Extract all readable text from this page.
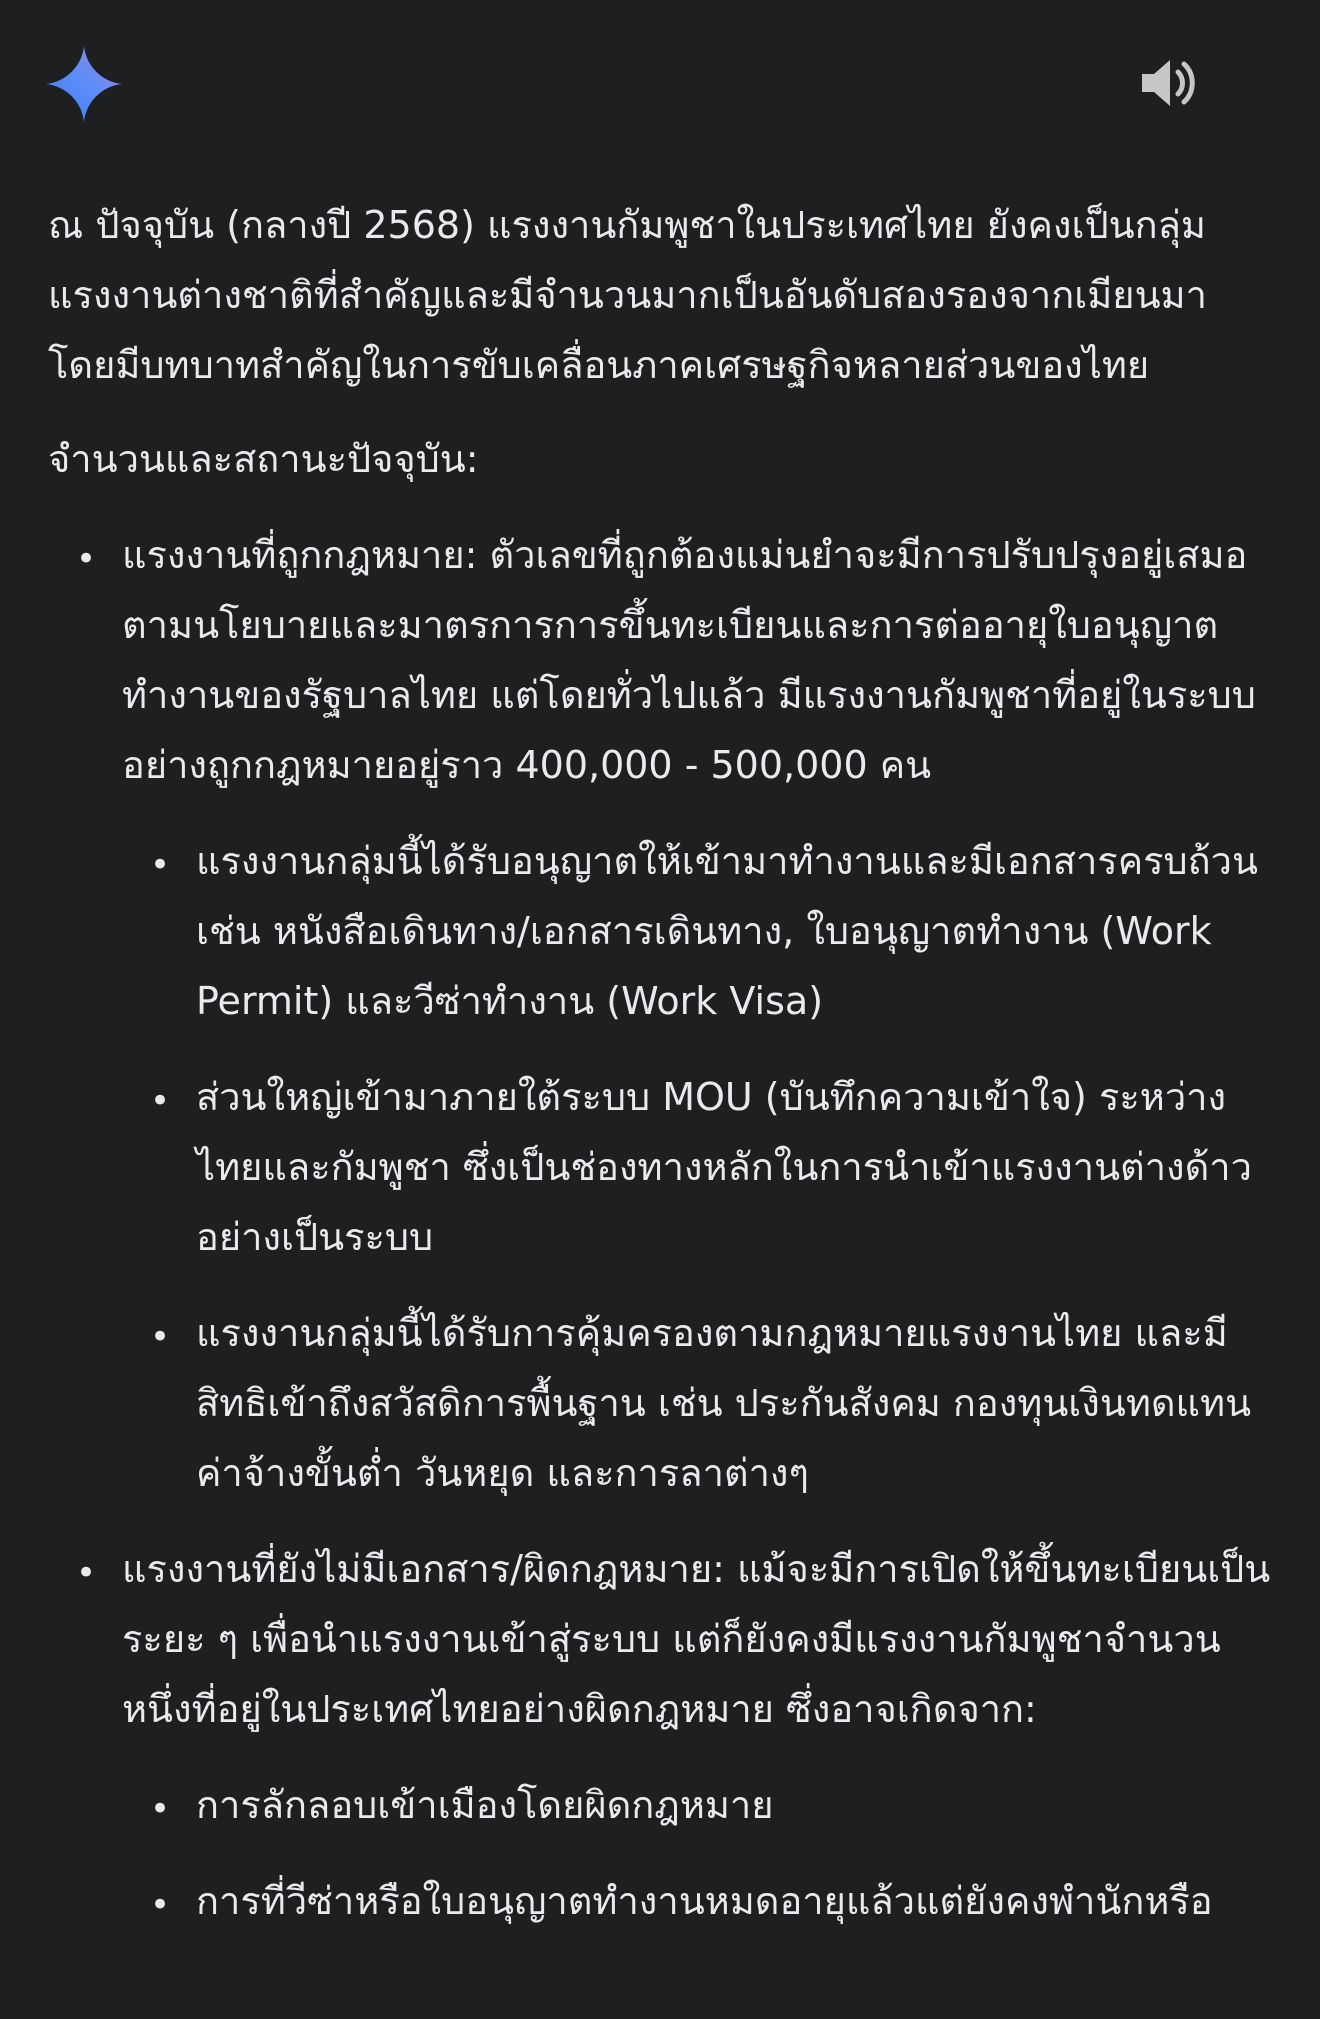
ณ ปัจจุบัน (กลางปี 2568) แรงงานกัมพูชาในประเทศไทย ยังคงเป็นกลุ่มแรงงานต่างชาติที่สำคัญและมีจำนวนมากเป็นอันดับสองรองจากเมียนมา โดยมีบทบาทสำคัญในการขับเคลื่อนภาคเศรษฐกิจหลายส่วนของไทย

จำนวนและสถานะปัจจุบัน:

• แรงงานที่ถูกกฎหมาย: ตัวเลขที่ถูกต้องแม่นยำจะมีการปรับปรุงอยู่เสมอตามนโยบายและมาตรการการขึ้นทะเบียนและการต่ออายุใบอนุญาตทำงานของรัฐบาลไทย แต่โดยทั่วไปแล้ว มีแรงงานกัมพูชาที่อยู่ในระบบอย่างถูกกฎหมายอยู่ราว 400,000 - 500,000 คน
• แรงงานกลุ่มนี้ได้รับอนุญาตให้เข้ามาทำงานและมีเอกสารครบถ้วน เช่น หนังสือเดินทาง/เอกสารเดินทาง, ใบอนุญาตทำงาน (Work Permit) และวีซ่าทำงาน (Work Visa)
• ส่วนใหญ่เข้ามาภายใต้ระบบ MOU (บันทึกความเข้าใจ) ระหว่างไทยและกัมพูชา ซึ่งเป็นช่องทางหลักในการนำเข้าแรงงานต่างด้าวอย่างเป็นระบบ
• แรงงานกลุ่มนี้ได้รับการคุ้มครองตามกฎหมายแรงงานไทย และมีสิทธิเข้าถึงสวัสดิการพื้นฐาน เช่น ประกันสังคม กองทุนเงินทดแทน ค่าจ้างขั้นต่ำ วันหยุด และการลาต่างๆ
• แรงงานที่ยังไม่มีเอกสาร/ผิดกฎหมาย: แม้จะมีการเปิดให้ขึ้นทะเบียนเป็นระยะ ๆ เพื่อนำแรงงานเข้าสู่ระบบ แต่ก็ยังคงมีแรงงานกัมพูชาจำนวนหนึ่งที่อยู่ในประเทศไทยอย่างผิดกฎหมาย ซึ่งอาจเกิดจาก:
• การลักลอบเข้าเมืองโดยผิดกฎหมาย
• การที่วีซ่าหรือใบอนุญาตทำงานหมดอายุแล้วแต่ยังคงพำนักหรือ
